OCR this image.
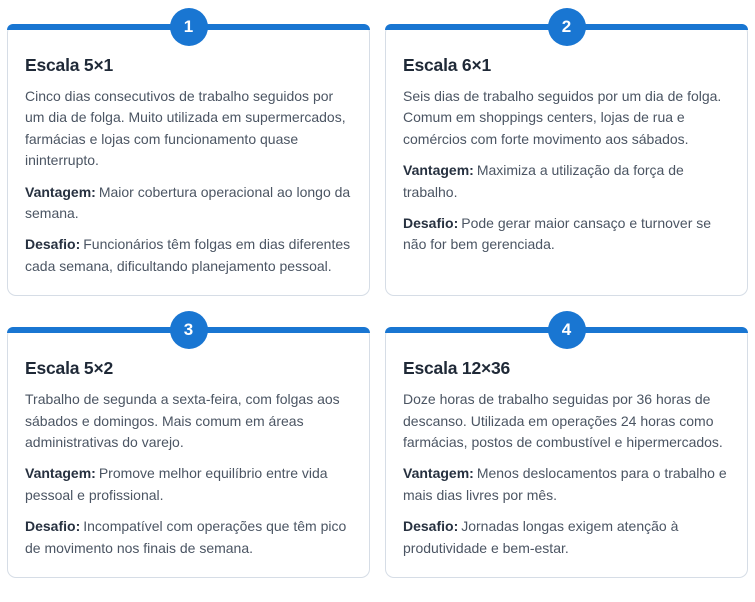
1
Escala 5×1

Cinco dias consecutivos de trabalho seguidos por um dia de folga. Muito utilizada em supermercados, farmácias e lojas com funcionamento quase ininterrupto.

Vantagem: Maior cobertura operacional ao longo da semana.

Desafio: Funcionários têm folgas em dias diferentes cada semana, dificultando planejamento pessoal.

2
Escala 6×1

Seis dias de trabalho seguidos por um dia de folga. Comum em shoppings centers, lojas de rua e comércios com forte movimento aos sábados.

Vantagem: Maximiza a utilização da força de trabalho.

Desafio: Pode gerar maior cansaço e turnover se não for bem gerenciada.

3
Escala 5×2

Trabalho de segunda a sexta-feira, com folgas aos sábados e domingos. Mais comum em áreas administrativas do varejo.

Vantagem: Promove melhor equilíbrio entre vida pessoal e profissional.

Desafio: Incompatível com operações que têm pico de movimento nos finais de semana.

4
Escala 12×36

Doze horas de trabalho seguidas por 36 horas de descanso. Utilizada em operações 24 horas como farmácias, postos de combustível e hipermercados.

Vantagem: Menos deslocamentos para o trabalho e mais dias livres por mês.

Desafio: Jornadas longas exigem atenção à produtividade e bem-estar.
